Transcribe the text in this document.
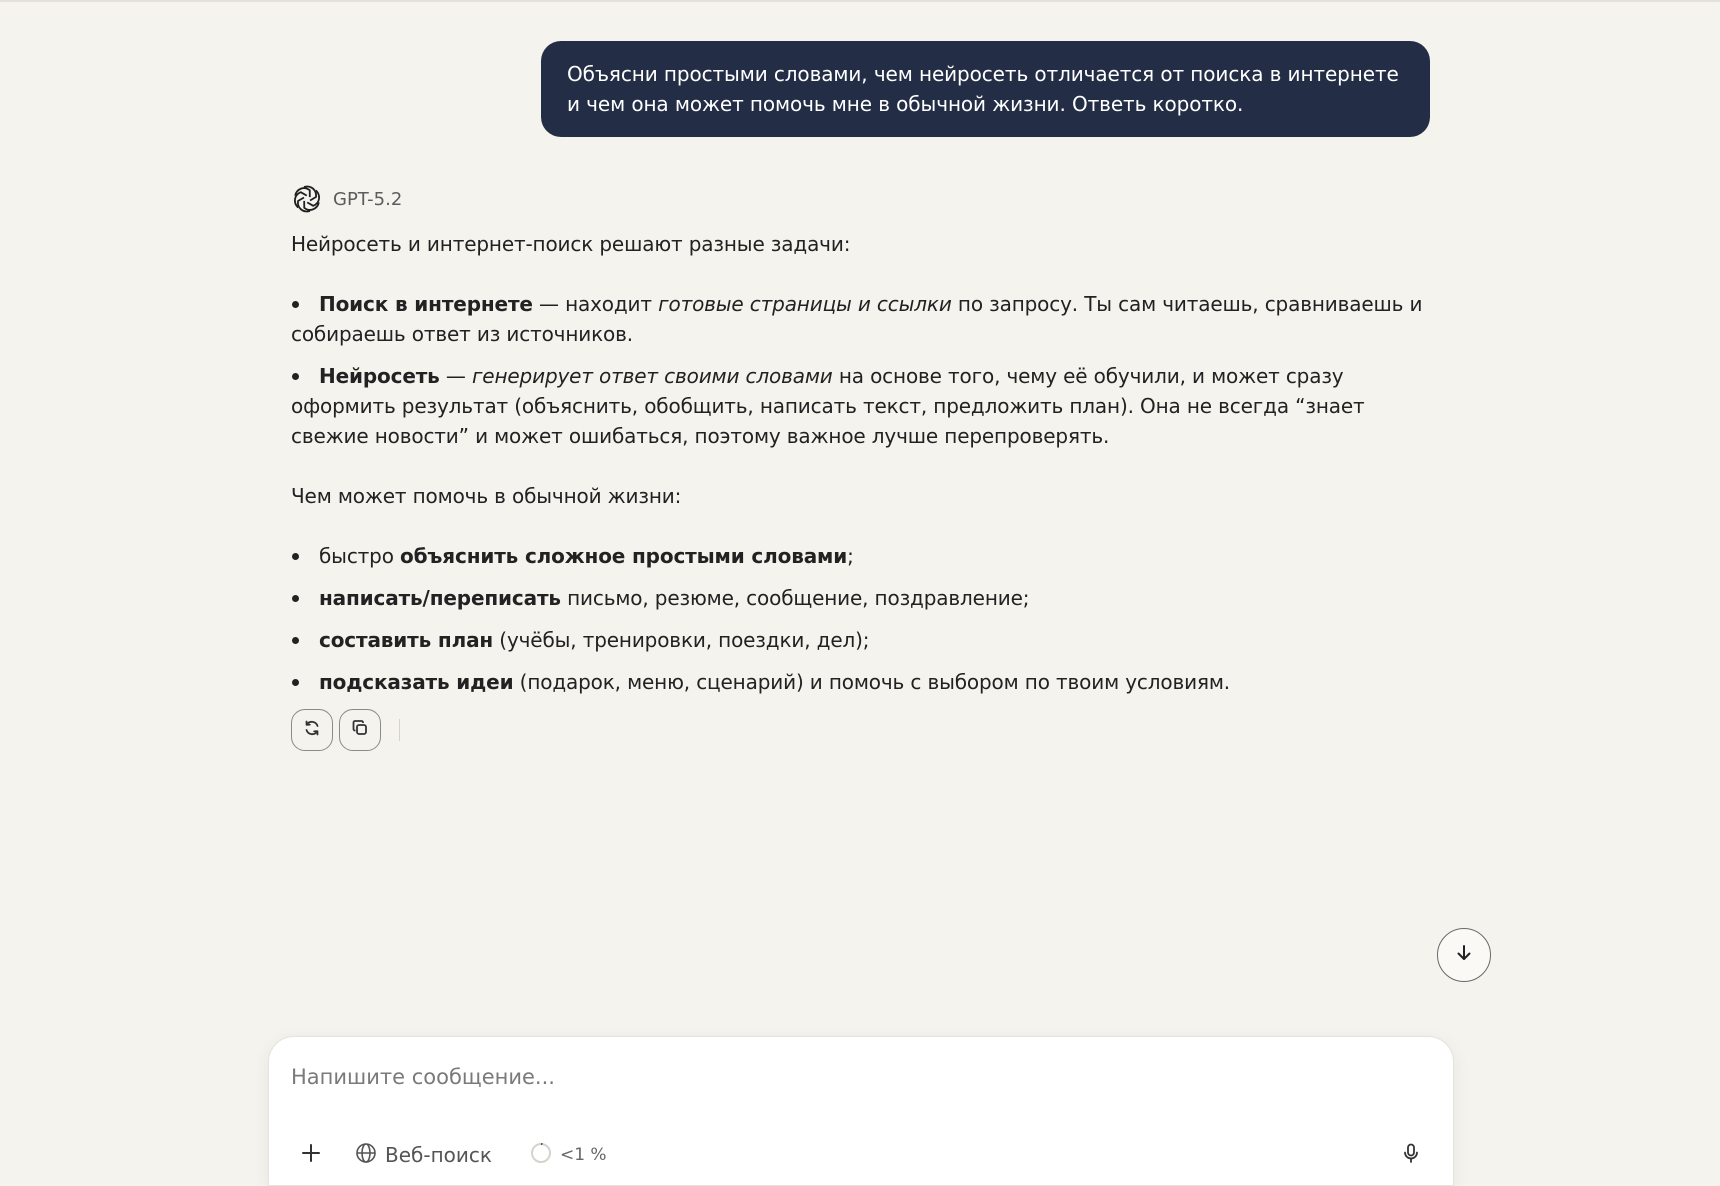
Объясни простыми словами, чем нейросеть отличается от поиска в интернете и чем она может помочь мне в обычной жизни. Ответь коротко.
GPT-5.2

Нейросеть и интернет-поиск решают разные задачи:

Поиск в интернете — находит готовые страницы и ссылки по запросу. Ты сам читаешь, сравниваешь и собираешь ответ из источников.
Нейросеть — генерирует ответ своими словами на основе того, чему её обучили, и может сразу оформить результат (объяснить, обобщить, написать текст, предложить план). Она не всегда “знает свежие новости” и может ошибаться, поэтому важное лучше перепроверять.

Чем может помочь в обычной жизни:

быстро объяснить сложное простыми словами;
написать/переписать письмо, резюме, сообщение, поздравление;
составить план (учёбы, тренировки, поездки, дел);
подсказать идеи (подарок, меню, сценарий) и помочь с выбором по твоим условиям.
Напишите сообщение...
Веб-поиск	<1 %
